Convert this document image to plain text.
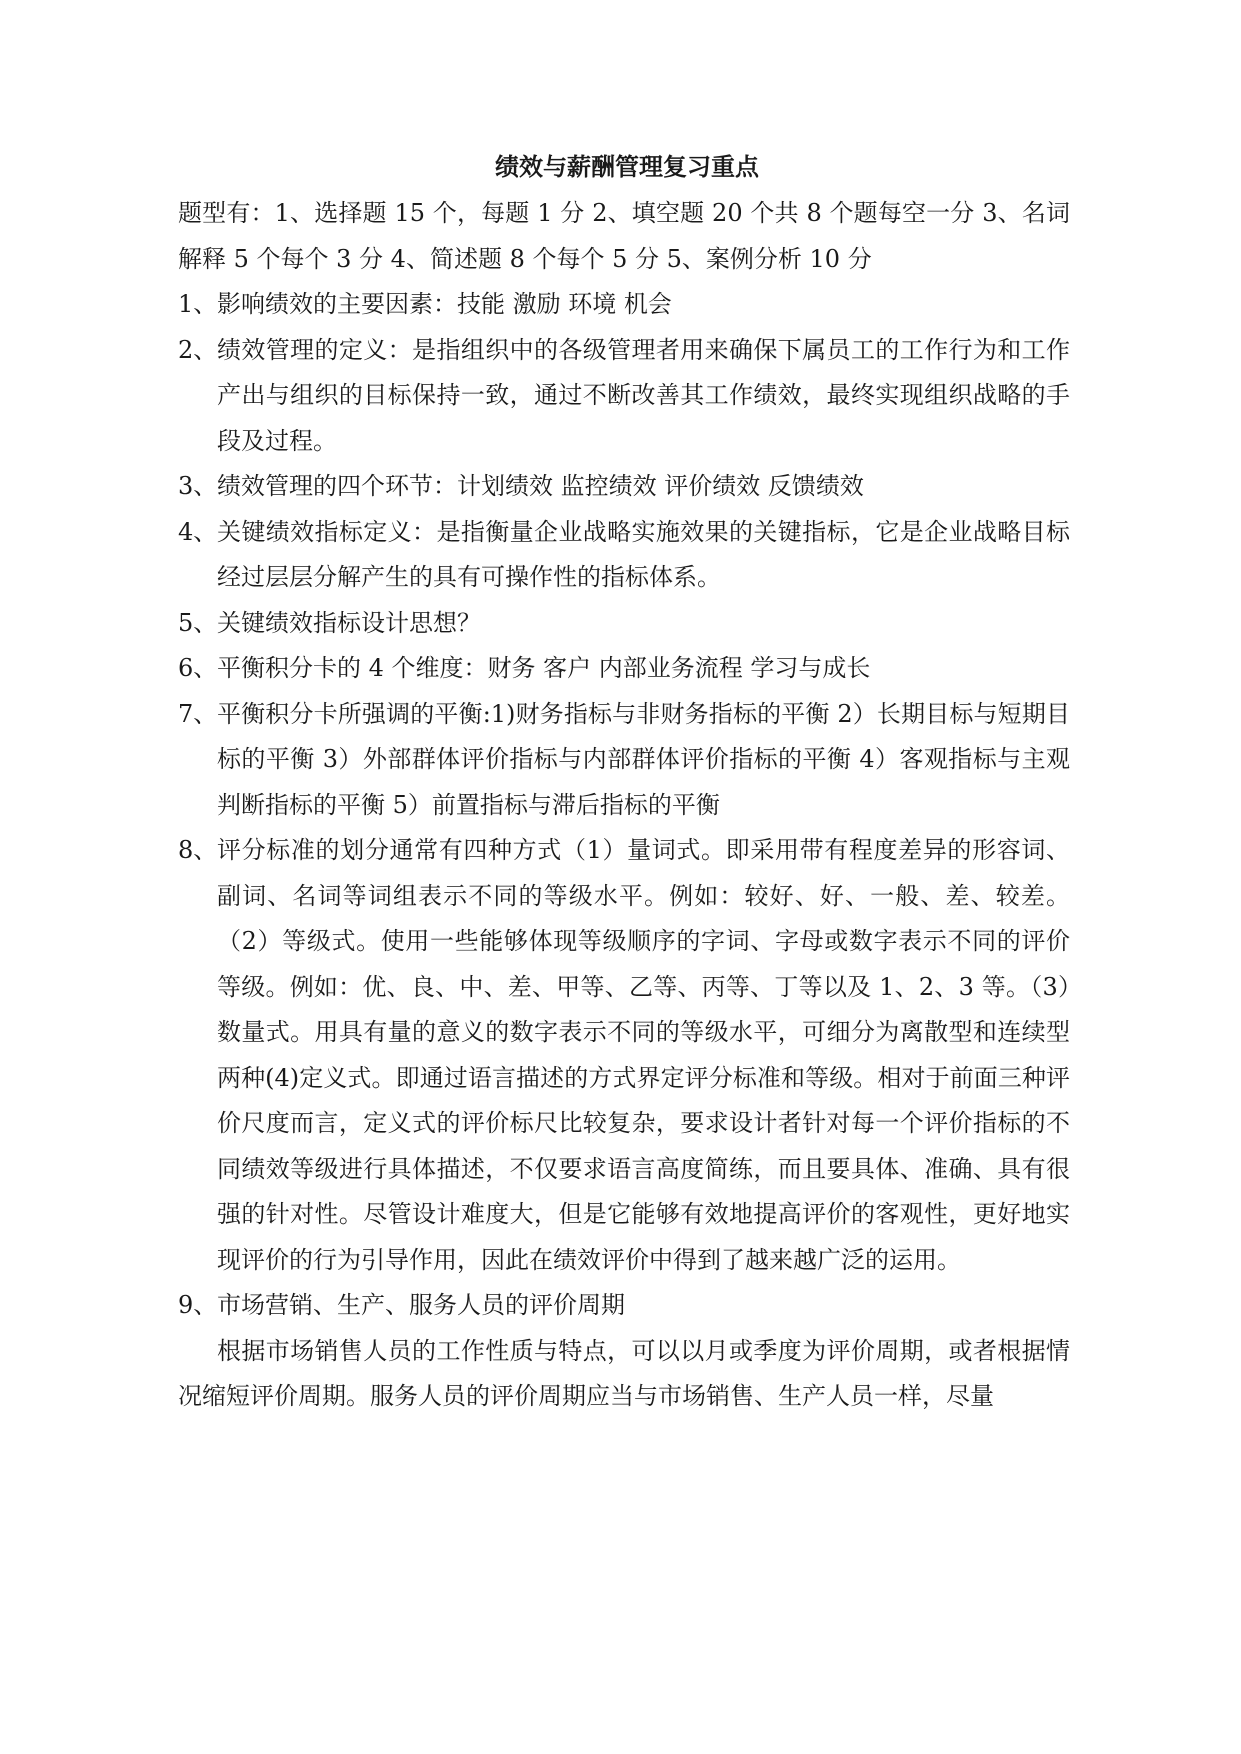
绩效与薪酬管理复习重点

题型有：1、选择题 15 个，每题 1 分 2、填空题 20 个共 8 个题每空一分 3、名词解释 5 个每个 3 分 4、简述题 8 个每个 5 分 5、案例分析 10 分

1、 影响绩效的主要因素：技能 激励 环境 机会
2、 绩效管理的定义：是指组织中的各级管理者用来确保下属员工的工作行为和工作产出与组织的目标保持一致，通过不断改善其工作绩效，最终实现组织战略的手段及过程。
3、 绩效管理的四个环节：计划绩效 监控绩效 评价绩效 反馈绩效
4、 关键绩效指标定义：是指衡量企业战略实施效果的关键指标，它是企业战略目标经过层层分解产生的具有可操作性的指标体系。
5、 关键绩效指标设计思想？
6、 平衡积分卡的 4 个维度：财务 客户 内部业务流程 学习与成长
7、 平衡积分卡所强调的平衡:1)财务指标与非财务指标的平衡 2）长期目标与短期目标的平衡 3）外部群体评价指标与内部群体评价指标的平衡 4）客观指标与主观判断指标的平衡 5）前置指标与滞后指标的平衡
8、 评分标准的划分通常有四种方式（1）量词式。即采用带有程度差异的形容词、副词、名词等词组表示不同的等级水平。例如：较好、好、一般、差、较差。（2）等级式。使用一些能够体现等级顺序的字词、字母或数字表示不同的评价等级。例如：优、良、中、差、甲等、乙等、丙等、丁等以及 1、2、3 等。（3）数量式。用具有量的意义的数字表示不同的等级水平，可细分为离散型和连续型两种(4)定义式。即通过语言描述的方式界定评分标准和等级。相对于前面三种评价尺度而言，定义式的评价标尺比较复杂，要求设计者针对每一个评价指标的不同绩效等级进行具体描述，不仅要求语言高度简练，而且要具体、准确、具有很强的针对性。尽管设计难度大，但是它能够有效地提高评价的客观性，更好地实现评价的行为引导作用，因此在绩效评价中得到了越来越广泛的运用。
9、 市场营销、生产、服务人员的评价周期

根据市场销售人员的工作性质与特点，可以以月或季度为评价周期，或者根据情况缩短评价周期。服务人员的评价周期应当与市场销售、生产人员一样，尽量
